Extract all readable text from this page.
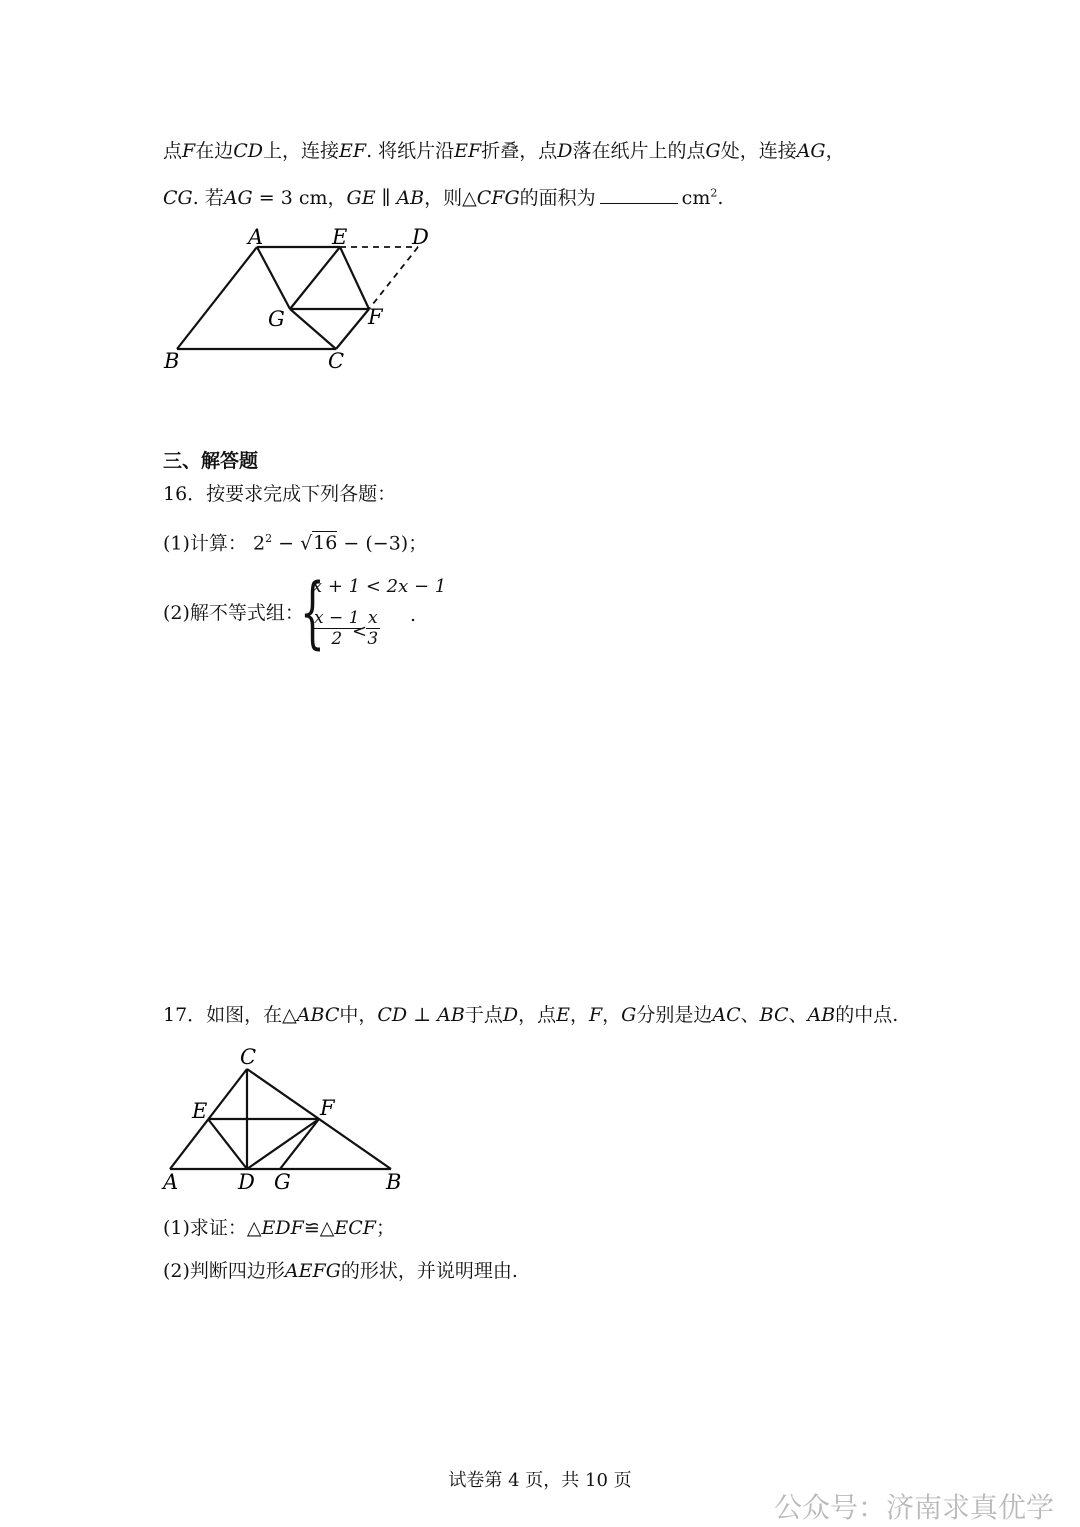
点F在边CD上，连接EF. 将纸片沿EF折叠，点D落在纸片上的点G处，连接AG，
CG. 若AG = 3 cm，GE ∥ AB，则△CFG的面积为	$cm^2$.
A	E	D
G	F
B	C
三、解答题
16．按要求完成下列各题：
(1)计算： $2^2 - √16 - (-3)$；
(2)解不等式组：
{
x + 1 < 2x − 1
$\frac{x - 1}{2}$
<
$\frac{x}{3}$ .
17．如图，在△ABC中，CD ⊥ AB于点D，点E，F，G分别是边AC、BC、AB的中点.
C
E	F
A	D G	B
(1)求证：△EDF≌△ECF；
(2)判断四边形AEFG的形状，并说明理由.
试卷第 4 页，共 10 页
公众号：济南求真优学
